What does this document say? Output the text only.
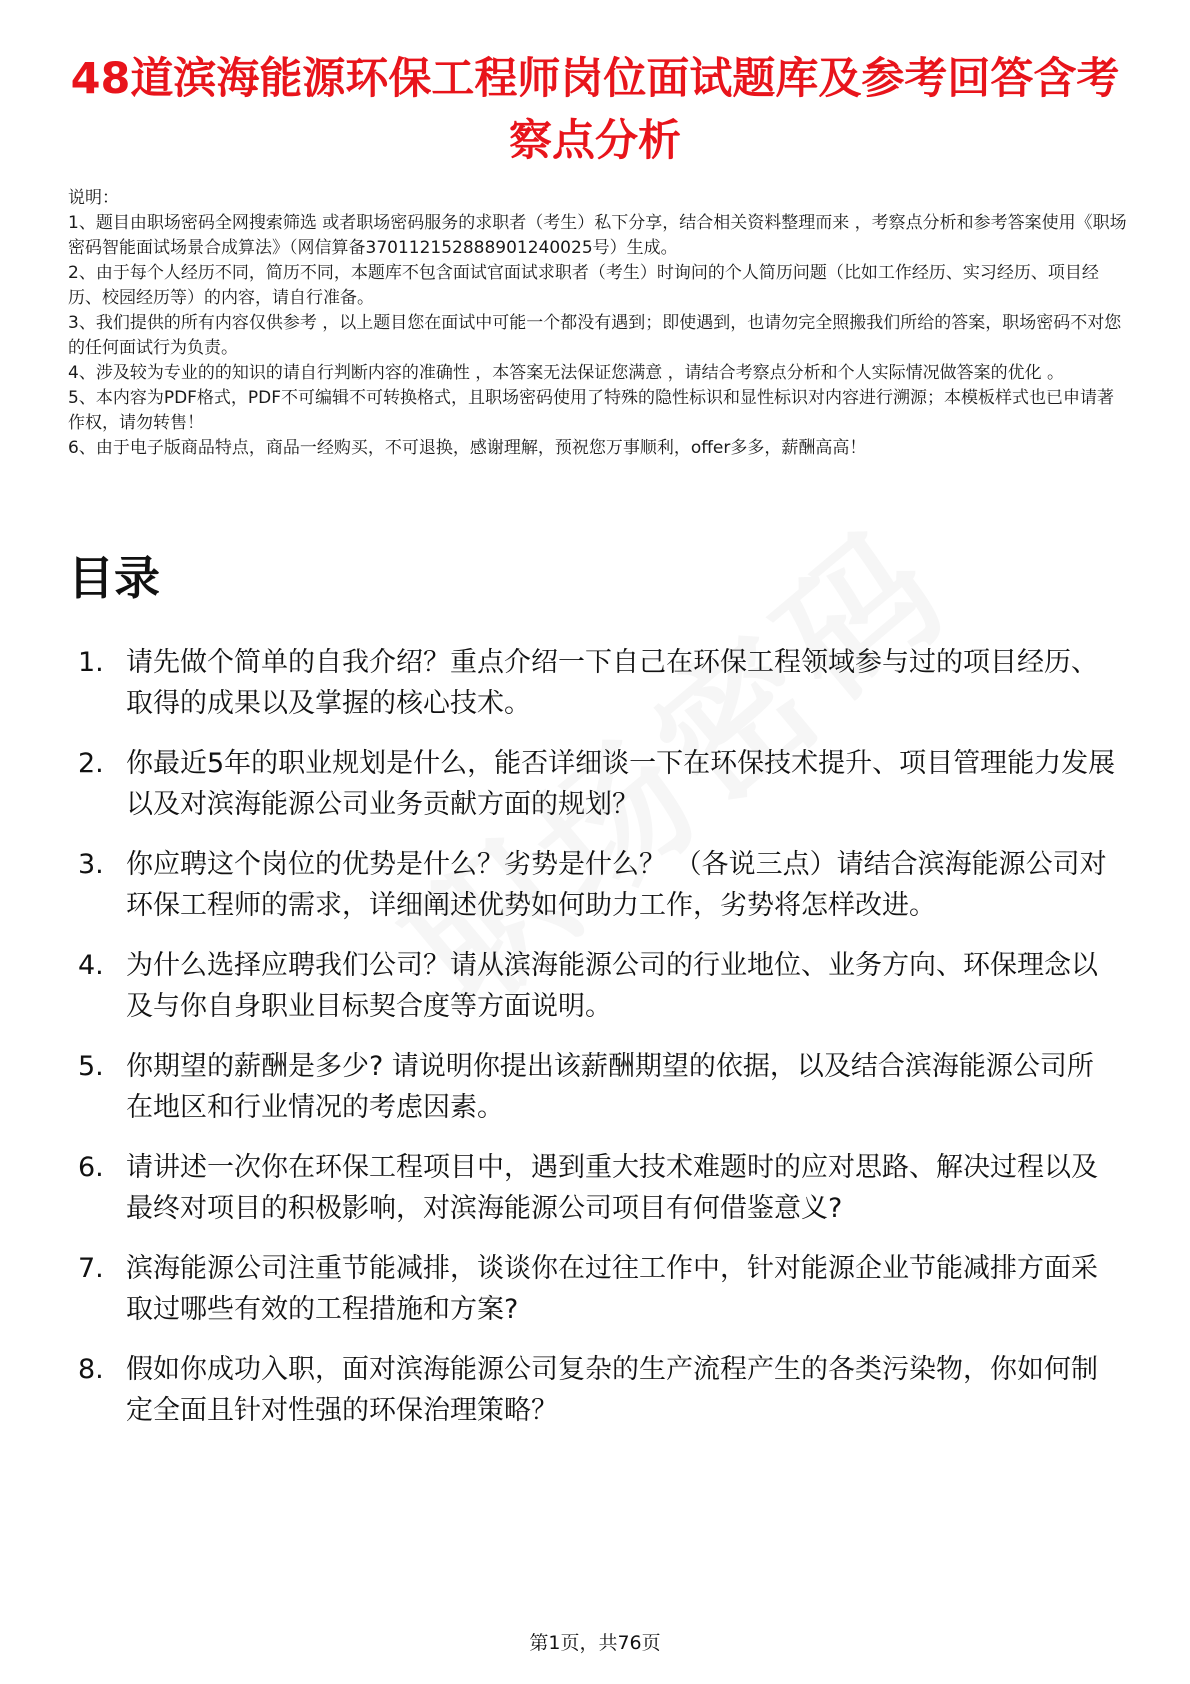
48道滨海能源环保工程师岗位面试题库及参考回答含考察点分析

说明：

1、题目由职场密码全网搜索筛选 或者职场密码服务的求职者（考生）私下分享，结合相关资料整理而来 ，考察点分析和参考答案使用《职场密码智能面试场景合成算法》（网信算备370112152888901240025号）生成。

2、由于每个人经历不同，简历不同，本题库不包含面试官面试求职者（考生）时询问的个人简历问题（比如工作经历、实习经历、项目经历、校园经历等）的内容，请自行准备。

3、我们提供的所有内容仅供参考 ，以上题目您在面试中可能一个都没有遇到；即使遇到，也请勿完全照搬我们所给的答案，职场密码不对您的任何面试行为负责。

4、涉及较为专业的的知识的请自行判断内容的准确性 ，本答案无法保证您满意 ，请结合考察点分析和个人实际情况做答案的优化 。

5、本内容为PDF格式，PDF不可编辑不可转换格式，且职场密码使用了特殊的隐性标识和显性标识对内容进行溯源；本模板样式也已申请著作权，请勿转售！

6、由于电子版商品特点，商品一经购买，不可退换，感谢理解，预祝您万事顺利，offer多多，薪酬高高！

目录
1. 请先做个简单的自我介绍？重点介绍一下自己在环保工程领域参与过的项目经历、取得的成果以及掌握的核心技术。
2. 你最近5年的职业规划是什么，能否详细谈一下在环保技术提升、项目管理能力发展以及对滨海能源公司业务贡献方面的规划？
3. 你应聘这个岗位的优势是什么？劣势是什么？ （各说三点）请结合滨海能源公司对环保工程师的需求，详细阐述优势如何助力工作，劣势将怎样改进。
4. 为什么选择应聘我们公司？请从滨海能源公司的行业地位、业务方向、环保理念以及与你自身职业目标契合度等方面说明。
5. 你期望的薪酬是多少? 请说明你提出该薪酬期望的依据，以及结合滨海能源公司所在地区和行业情况的考虑因素。
6. 请讲述一次你在环保工程项目中，遇到重大技术难题时的应对思路、解决过程以及最终对项目的积极影响，对滨海能源公司项目有何借鉴意义?
7. 滨海能源公司注重节能减排，谈谈你在过往工作中，针对能源企业节能减排方面采取过哪些有效的工程措施和方案?
8. 假如你成功入职，面对滨海能源公司复杂的生产流程产生的各类污染物，你如何制定全面且针对性强的环保治理策略？
第1页，共76页
